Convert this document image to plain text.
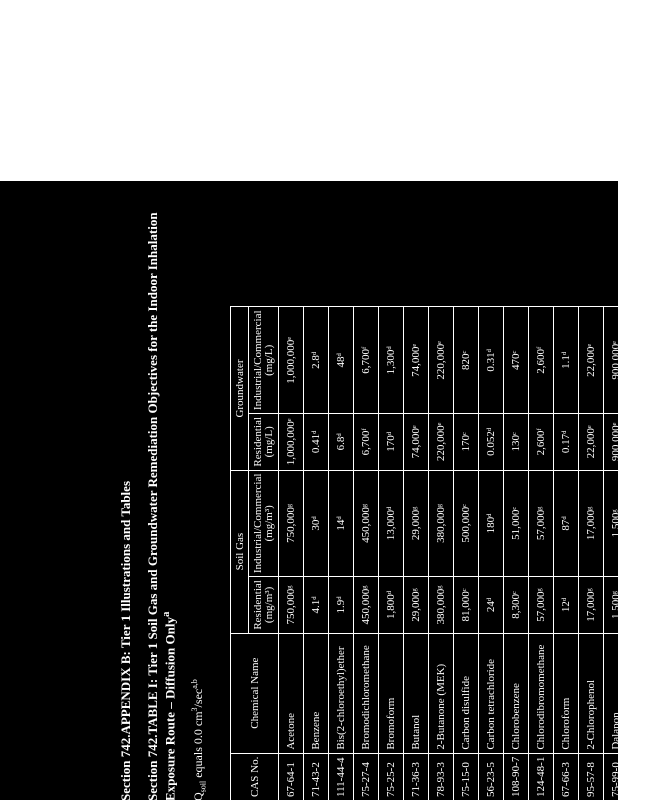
Section 742.APPENDIX B: Tier 1 Illustrations and Tables Section 742.TABLE I: Tier 1 Soil Gas and Groundwater Remediation Objectives for the Indoor Inhalation Exposure Route – Diffusion Only$^a$
$Q_{soil}$ equals 0.0 $cm^3/\sec^{a,b}$
CAS No.	Chemical Name	Soil Gas		Groundwater	
		Residential (mg/m³)	Industrial/Commercial (mg/m³)	Residential (mg/L)	Industrial/Commercial (mg/L)
67-64-1	Acetone	750,000ᵍ	750,000ᵍ	1,000,000ᵉ	1,000,000ᵉ
71-43-2	Benzene	4.1ᵈ	30ᵈ	0.41ᵈ	2.8ᵈ
111-44-4	Bis(2-chloroethyl)ether	1.9ᵈ	14ᵈ	6.8ᵈ	48ᵈ
75-27-4	Bromodichloromethane	450,000ᵍ	450,000ᵍ	6,700ᶠ	6,700ᶠ
75-25-2	Bromoform	1,800ᵈ	13,000ᵈ	170ᵈ	1,300ᵈ
71-36-3	Butanol	29,000ᵍ	29,000ᵍ	74,000ᵉ	74,000ᵉ
78-93-3	2-Butanone (MEK)	380,000ᵍ	380,000ᵍ	220,000ᵉ	220,000ᵉ
75-15-0	Carbon disulfide	81,000ᶜ	500,000ᶜ	170ᶜ	820ᶜ
56-23-5	Carbon tetrachloride	24ᵈ	180ᵈ	0.052ᵈ	0.31ᵈ
108-90-7	Chlorobenzene	8,300ᶜ	51,000ᶜ	130ᶜ	470ᶜ
124-48-1	Chlorodibromomethane	57,000ᵍ	57,000ᵍ	2,600ᶠ	2,600ᶠ
67-66-3	Chloroform	12ᵈ	87ᵈ	0.17ᵈ	1.1ᵈ
95-57-8	2-Chlorophenol	17,000ᵍ	17,000ᵍ	22,000ᵉ	22,000ᵉ
75-99-0	Dalapon	1,500ᵍ	1,500ᵍ	900,000ᵉ	900,000ᵉ
96-12-8	1,2-Dibromo-3-chloropropane	0.17ᵈ	1.3ᵈ	0.029ᵈ	0.21ᵈ
